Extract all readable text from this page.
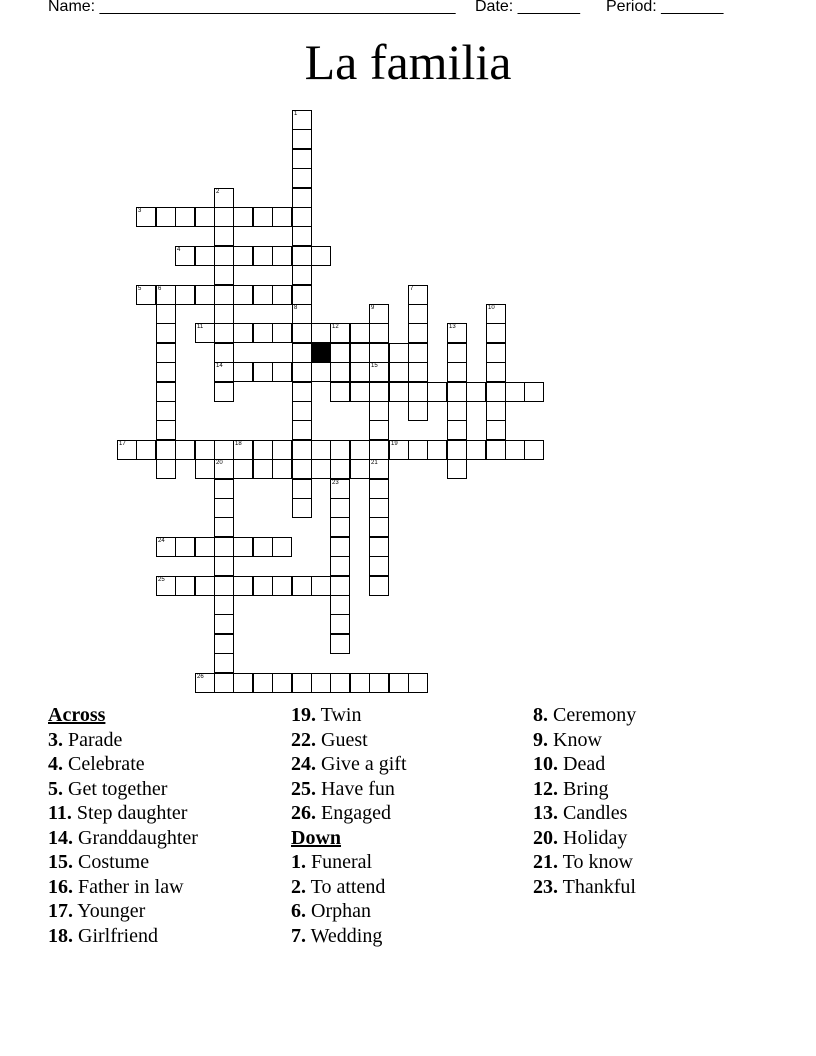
Name: ________________________________________ Date: _______ Period: _______
La familia
1
8
2
14
3
4
5	6
11	12
15
17	18	19
9
7
13
10
20	21
23
24
25
26
Across
3. Parade
4. Celebrate
5. Get together
11. Step daughter
14. Granddaughter
15. Costume
16. Father in law
17. Younger
18. Girlfriend
19. Twin
22. Guest
24. Give a gift
25. Have fun
26. Engaged
Down
1. Funeral
2. To attend
6. Orphan
7. Wedding
8. Ceremony
9. Know
10. Dead
12. Bring
13. Candles
20. Holiday
21. To know
23. Thankful
